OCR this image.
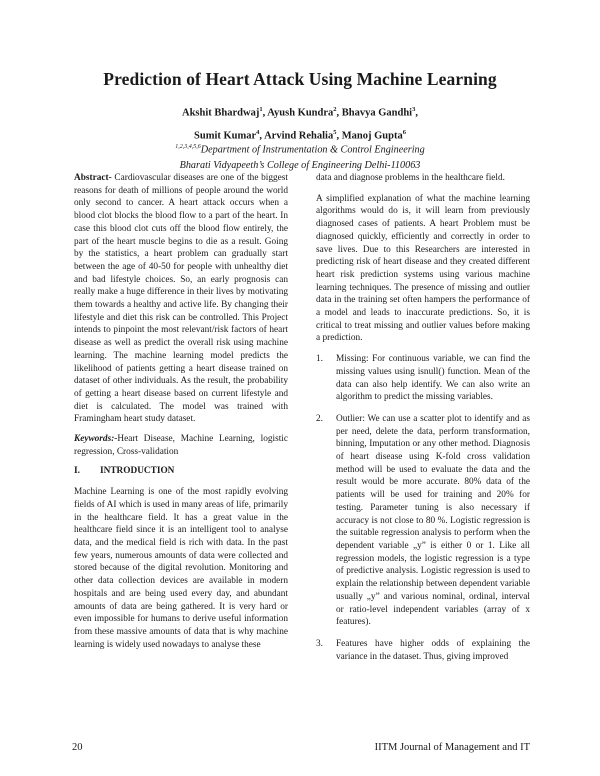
Prediction of Heart Attack Using Machine Learning
Akshit Bhardwaj$^1$, Ayush Kundra$^2$, Bhavya Gandhi$^3$,
Sumit Kumar$^4$, Arvind Rehalia$^5$, Manoj Gupta$^6$
$^{1,2,3,4,5,6}$Department of Instrumentation & Control Engineering
Bharati Vidyapeeth’s College of Engineering Delhi-110063

Abstract- Cardiovascular diseases are one of the biggest reasons for death of millions of people around the world only second to cancer. A heart attack occurs when a blood clot blocks the blood flow to a part of the heart. In case this blood clot cuts off the blood flow entirely, the part of the heart muscle begins to die as a result. Going by the statistics, a heart problem can gradually start between the age of 40-50 for people with unhealthy diet and bad lifestyle choices. So, an early prognosis can really make a huge difference in their lives by motivating them towards a healthy and active life. By changing their lifestyle and diet this risk can be controlled. This Project intends to pinpoint the most relevant/risk factors of heart disease as well as predict the overall risk using machine learning. The machine learning model predicts the likelihood of patients getting a heart disease trained on dataset of other individuals. As the result, the probability of getting a heart disease based on current lifestyle and diet is calculated. The model was trained with Framingham heart study dataset.

Keywords:-Heart Disease, Machine Learning, logistic regression, Cross-validation

I. INTRODUCTION

Machine Learning is one of the most rapidly evolving fields of AI which is used in many areas of life, primarily in the healthcare field. It has a great value in the healthcare field since it is an intelligent tool to analyse data, and the medical field is rich with data. In the past few years, numerous amounts of data were collected and stored because of the digital revolution. Monitoring and other data collection devices are available in modern hospitals and are being used every day, and abundant amounts of data are being gathered. It is very hard or even impossible for humans to derive useful information from these massive amounts of data that is why machine learning is widely used nowadays to analyse these

data and diagnose problems in the healthcare field.

A simplified explanation of what the machine learning algorithms would do is, it will learn from previously diagnosed cases of patients. A heart Problem must be diagnosed quickly, efficiently and correctly in order to save lives. Due to this Researchers are interested in predicting risk of heart disease and they created different heart risk prediction systems using various machine learning techniques. The presence of missing and outlier data in the training set often hampers the performance of a model and leads to inaccurate predictions. So, it is critical to treat missing and outlier values before making a prediction.

1. Missing: For continuous variable, we can find the missing values using isnull() function. Mean of the data can also help identify. We can also write an algorithm to predict the missing variables.
2. Outlier: We can use a scatter plot to identify and as per need, delete the data, perform transformation, binning, Imputation or any other method. Diagnosis of heart disease using K-fold cross validation method will be used to evaluate the data and the result would be more accurate. 80% data of the patients will be used for training and 20% for testing. Parameter tuning is also necessary if accuracy is not close to 80 %. Logistic regression is the suitable regression analysis to perform when the dependent variable „y” is either 0 or 1. Like all regression models, the logistic regression is a type of predictive analysis. Logistic regression is used to explain the relationship between dependent variable usually „y” and various nominal, ordinal, interval or ratio-level independent variables (array of x features).
3. Features have higher odds of explaining the variance in the dataset. Thus, giving improved
20	IITM Journal of Management and IT
